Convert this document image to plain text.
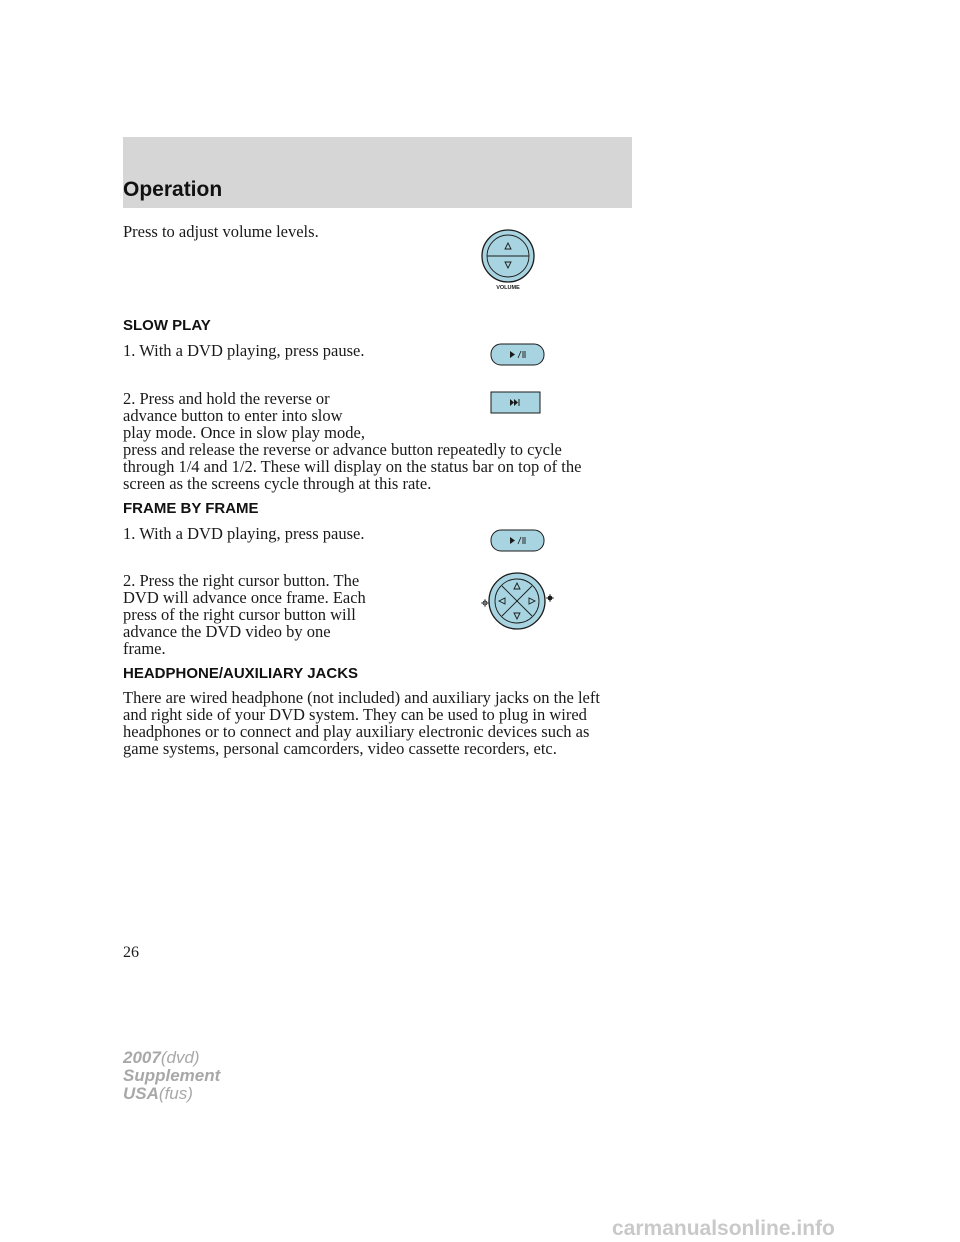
Operation

Press to adjust volume levels.

VOLUME
SLOW PLAY

1. With a DVD playing, press pause.

2. Press and hold the reverse or

advance button to enter into slow

play mode. Once in slow play mode,

press and release the reverse or advance button repeatedly to cycle

through 1/4 and 1/2. These will display on the status bar on top of the

screen as the screens cycle through at this rate.

FRAME BY FRAME

1. With a DVD playing, press pause.

2. Press the right cursor button. The

DVD will advance once frame. Each

press of the right cursor button will

advance the DVD video by one

frame.

HEADPHONE/AUXILIARY JACKS

There are wired headphone (not included) and auxiliary jacks on the left

and right side of your DVD system. They can be used to plug in wired

headphones or to connect and play auxiliary electronic devices such as

game systems, personal camcorders, video cassette recorders, etc.

26
2007(dvd)
Supplement
USA(fus)
carmanualsonline.info
